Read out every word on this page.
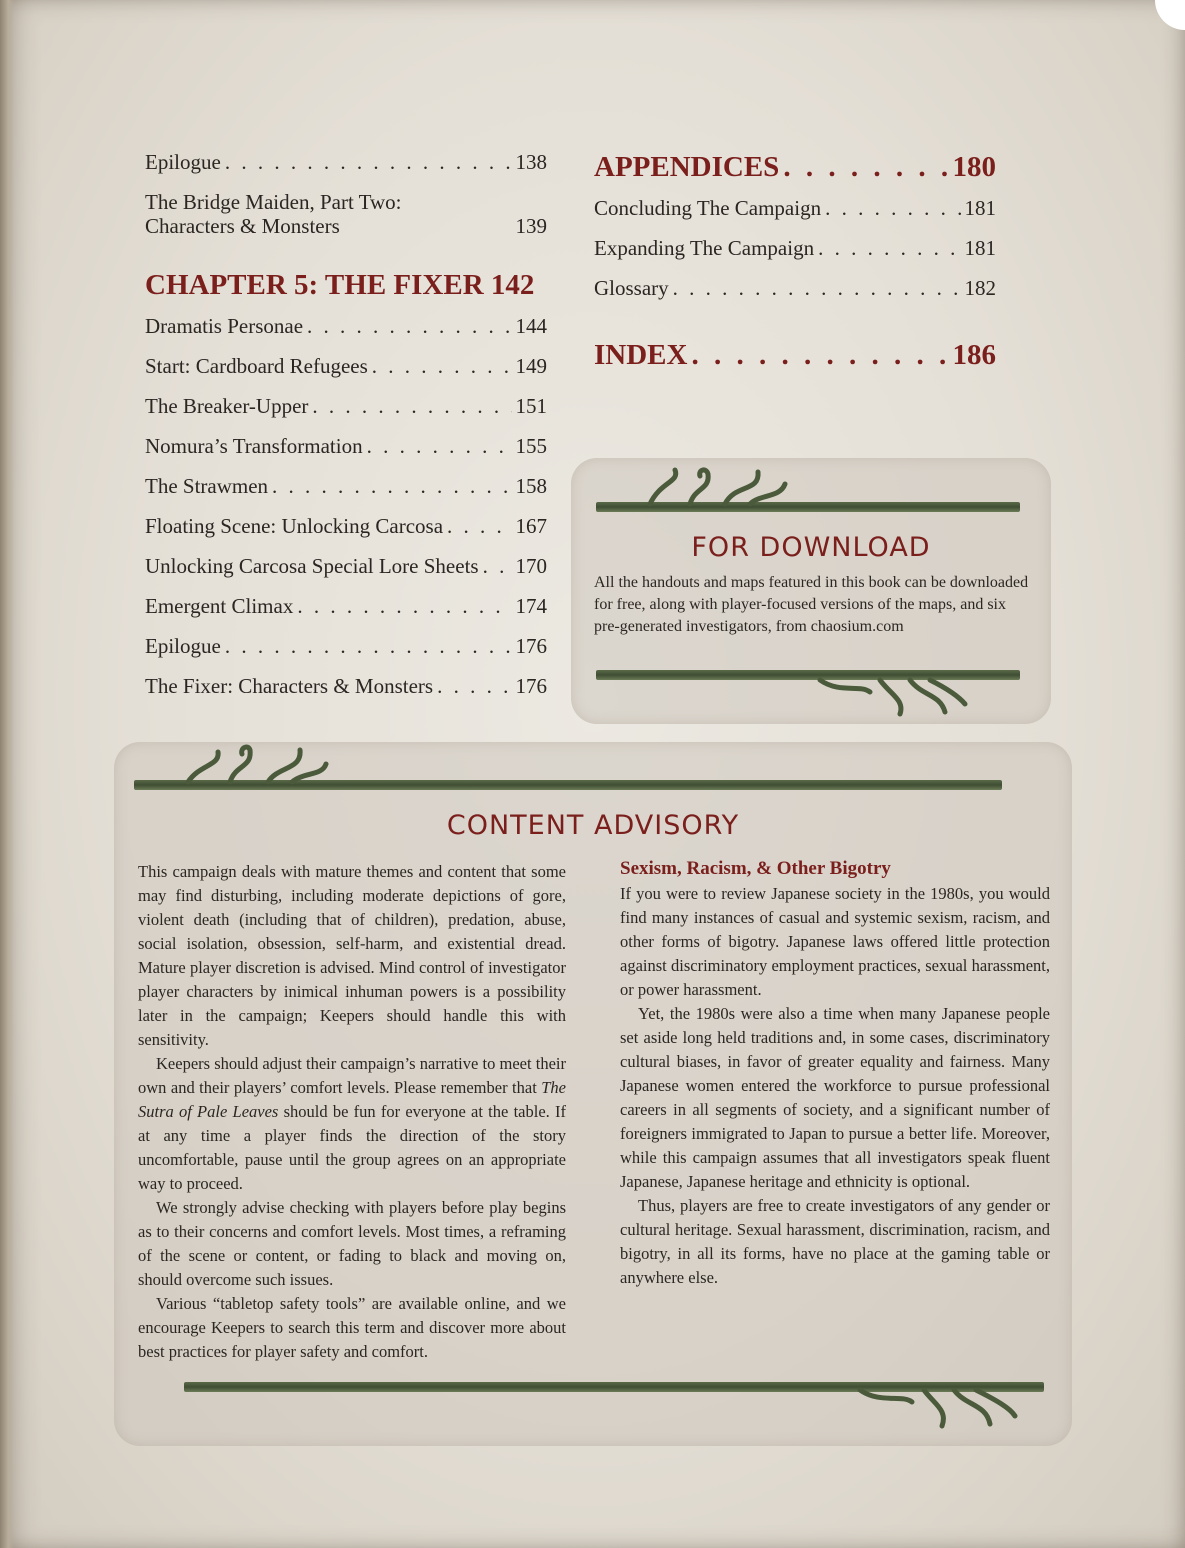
Epilogue . . .	138
The Bridge Maiden, Part Two:
Characters & Monsters	139
CHAPTER 5: THE FIXER 142
Dramatis Personae . . .	144
Start: Cardboard Refugees . . .	149
The Breaker-Upper . . .	151
Nomura’s Transformation . . .	155
The Strawmen . . .	158
Floating Scene: Unlocking Carcosa . . .	167
Unlocking Carcosa Special Lore Sheets . . . 170
Emergent Climax . . .	174
Epilogue . . .	176
The Fixer: Characters & Monsters . . .	176
APPENDICES . . .	180
Concluding The Campaign . . .	181
Expanding The Campaign . . .	181
Glossary . . .	182
INDEX . . .	186
FOR DOWNLOAD
All the handouts and maps featured in this book can be downloaded for free, along with player-focused versions of the maps, and six pre-generated investigators, from chaosium.com
CONTENT ADVISORY

This campaign deals with mature themes and content that some may find disturbing, including moderate depictions of gore, violent death (including that of children), predation, abuse, social isolation, obsession, self-harm, and existential dread. Mature player discretion is advised. Mind control of investigator player characters by inimical inhuman powers is a possibility later in the campaign; Keepers should handle this with sensitivity.

Keepers should adjust their campaign’s narrative to meet their own and their players’ comfort levels. Please remember that The Sutra of Pale Leaves should be fun for everyone at the table. If at any time a player finds the direction of the story uncomfortable, pause until the group agrees on an appropriate way to proceed.

We strongly advise checking with players before play begins as to their concerns and comfort levels. Most times, a reframing of the scene or content, or fading to black and moving on, should overcome such issues.

Various “tabletop safety tools” are available online, and we encourage Keepers to search this term and discover more about best practices for player safety and comfort.

Sexism, Racism, & Other Bigotry

If you were to review Japanese society in the 1980s, you would find many instances of casual and systemic sexism, racism, and other forms of bigotry. Japanese laws offered little protection against discriminatory employment practices, sexual harassment, or power harassment.

Yet, the 1980s were also a time when many Japanese people set aside long held traditions and, in some cases, discriminatory cultural biases, in favor of greater equality and fairness. Many Japanese women entered the workforce to pursue professional careers in all segments of society, and a significant number of foreigners immigrated to Japan to pursue a better life. Moreover, while this campaign assumes that all investigators speak fluent Japanese, Japanese heritage and ethnicity is optional.

Thus, players are free to create investigators of any gender or cultural heritage. Sexual harassment, discrimination, racism, and bigotry, in all its forms, have no place at the gaming table or anywhere else.
